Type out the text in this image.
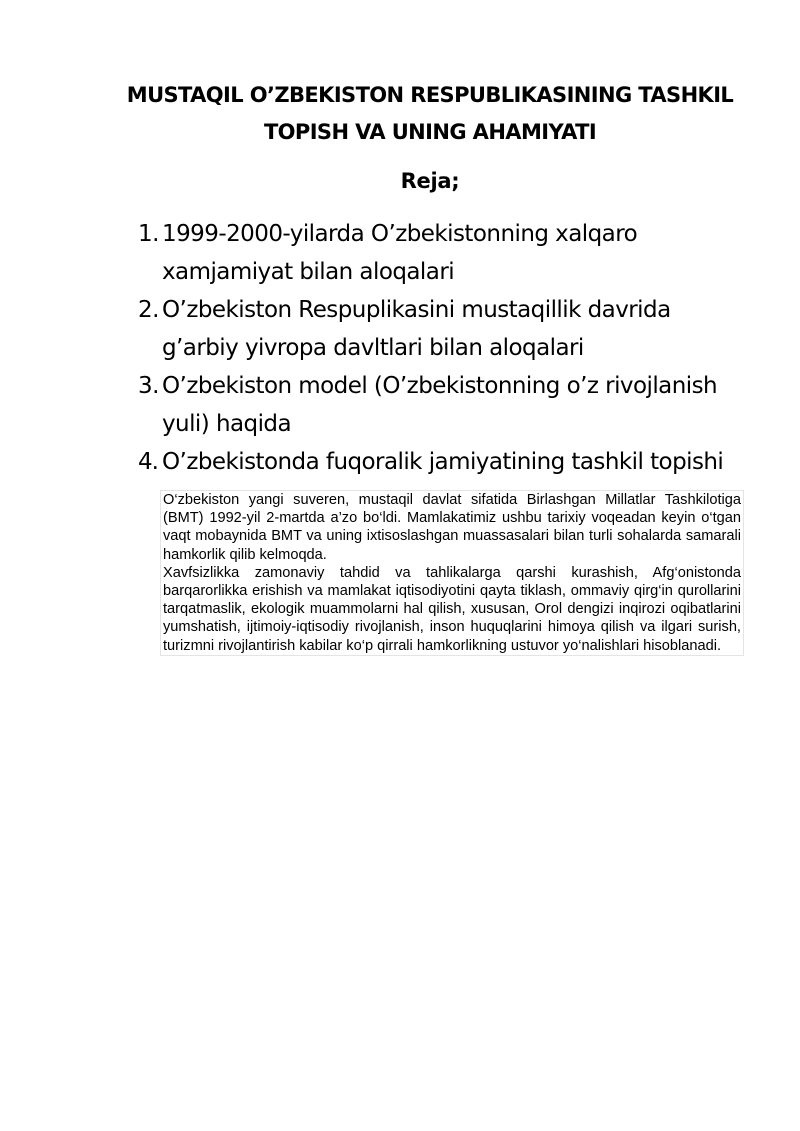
MUSTAQIL O’ZBEKISTON RESPUBLIKASINING TASHKIL TOPISH VA UNING AHAMIYATI
Reja;
1. 1999-2000-yilarda O’zbekistonning xalqaro xamjamiyat bilan aloqalari
2. O’zbekiston Respuplikasini mustaqillik davrida g’arbiy yivropa davltlari bilan aloqalari
3. O’zbekiston model (O’zbekistonning o’z rivojlanish yuli) haqida
4. O’zbekistonda fuqoralik jamiyatining tashkil topishi

O‘zbekiston yangi suveren, mustaqil davlat sifatida Birlashgan Millatlar Tashkilotiga (BMT) 1992-yil 2-martda a’zo bo‘ldi. Mamlakatimiz ushbu tarixiy voqeadan keyin o‘tgan vaqt mobaynida BMT va uning ixtisoslashgan muassasalari bilan turli sohalarda samarali hamkorlik qilib kelmoqda.

Xavfsizlikka zamonaviy tahdid va tahlikalarga qarshi kurashish, Afg‘onistonda barqarorlikka erishish va mamlakat iqtisodiyotini qayta tiklash, ommaviy qirg‘in qurollarini tarqatmaslik, ekologik muammolarni hal qilish, xususan, Orol dengizi inqirozi oqibatlarini yumshatish, ijtimoiy-iqtisodiy rivojlanish, inson huquqlarini himoya qilish va ilgari surish, turizmni rivojlantirish kabilar ko‘p qirrali hamkorlikning ustuvor yo‘nalishlari hisoblanadi.
